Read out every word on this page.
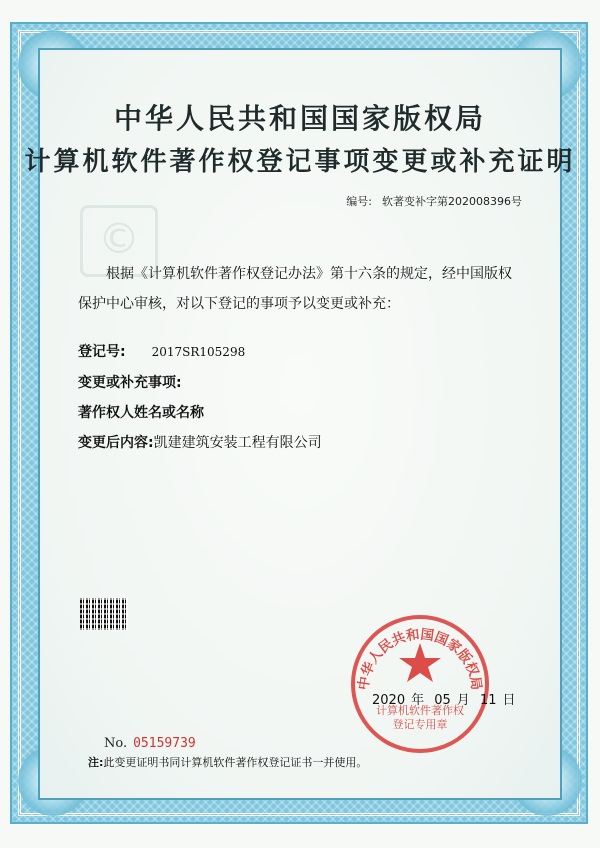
©
中华人民共和国国家版权局
计算机软件著作权登记事项变更或补充证明
编号: 软著变补字第202008396号
根据《计算机软件著作权登记办法》第十六条的规定，经中国版权保护中心审核，对以下登记的事项予以变更或补充：
登记号: 2017SR105298
变更或补充事项:
著作权人姓名或名称
变更后内容:凯建建筑安装工程有限公司
中华人民共和国国家版权局
计算机软件著作权
登记专用章
2020 年 05 月 11 日
No. 05159739
注:此变更证明书同计算机软件著作权登记证书一并使用。
